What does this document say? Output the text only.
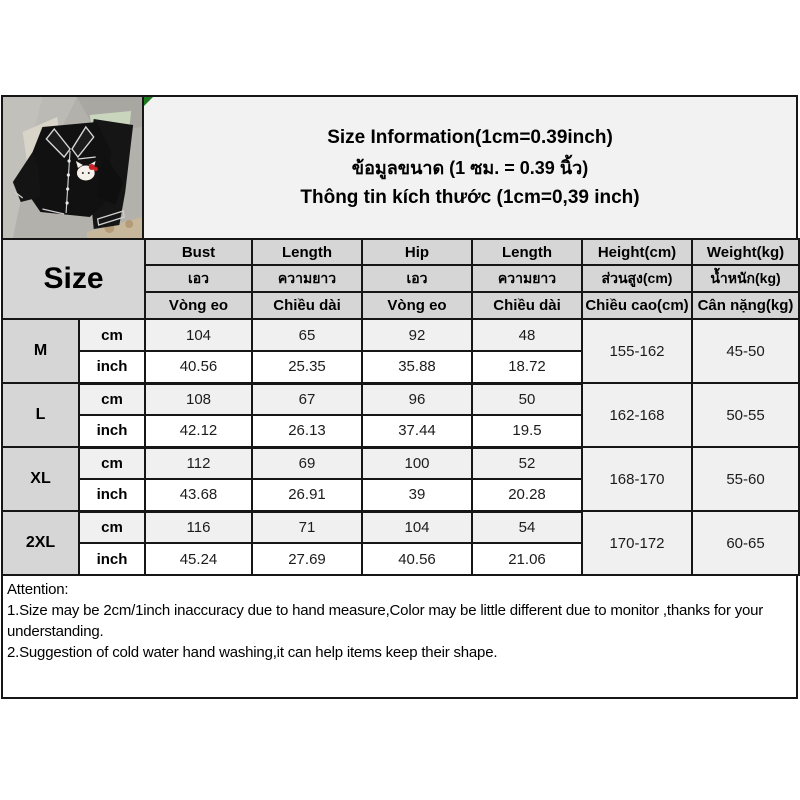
Size Information(1cm=0.39inch)
ข้อมูลขนาด (1 ซม. = 0.39 นิ้ว)
Thông tin kích thước (1cm=0,39 inch)
Size		Bust	Length	Hip	Length	Height(cm)	Weight(kg)
		เอว	ความยาว	เอว	ความยาว	ส่วนสูง(cm)	น้ำหนัก(kg)
		Vòng eo	Chiều dài	Vòng eo	Chiều dài	Chiều cao(cm)	Cân nặng(kg)
M	cm	104	65	92	48	155-162	45-50
	inch	40.56	25.35	35.88	18.72		
L	cm	108	67	96	50	162-168	50-55
	inch	42.12	26.13	37.44	19.5		
XL	cm	112	69	100	52	168-170	55-60
	inch	43.68	26.91	39	20.28		
2XL	cm	116	71	104	54	170-172	60-65
	inch	45.24	27.69	40.56	21.06		

Attention:

1.Size may be 2cm/1inch inaccuracy due to hand measure,Color may be little different due to monitor ,thanks for your understanding.

2.Suggestion of cold water hand washing,it can help items keep their shape.
